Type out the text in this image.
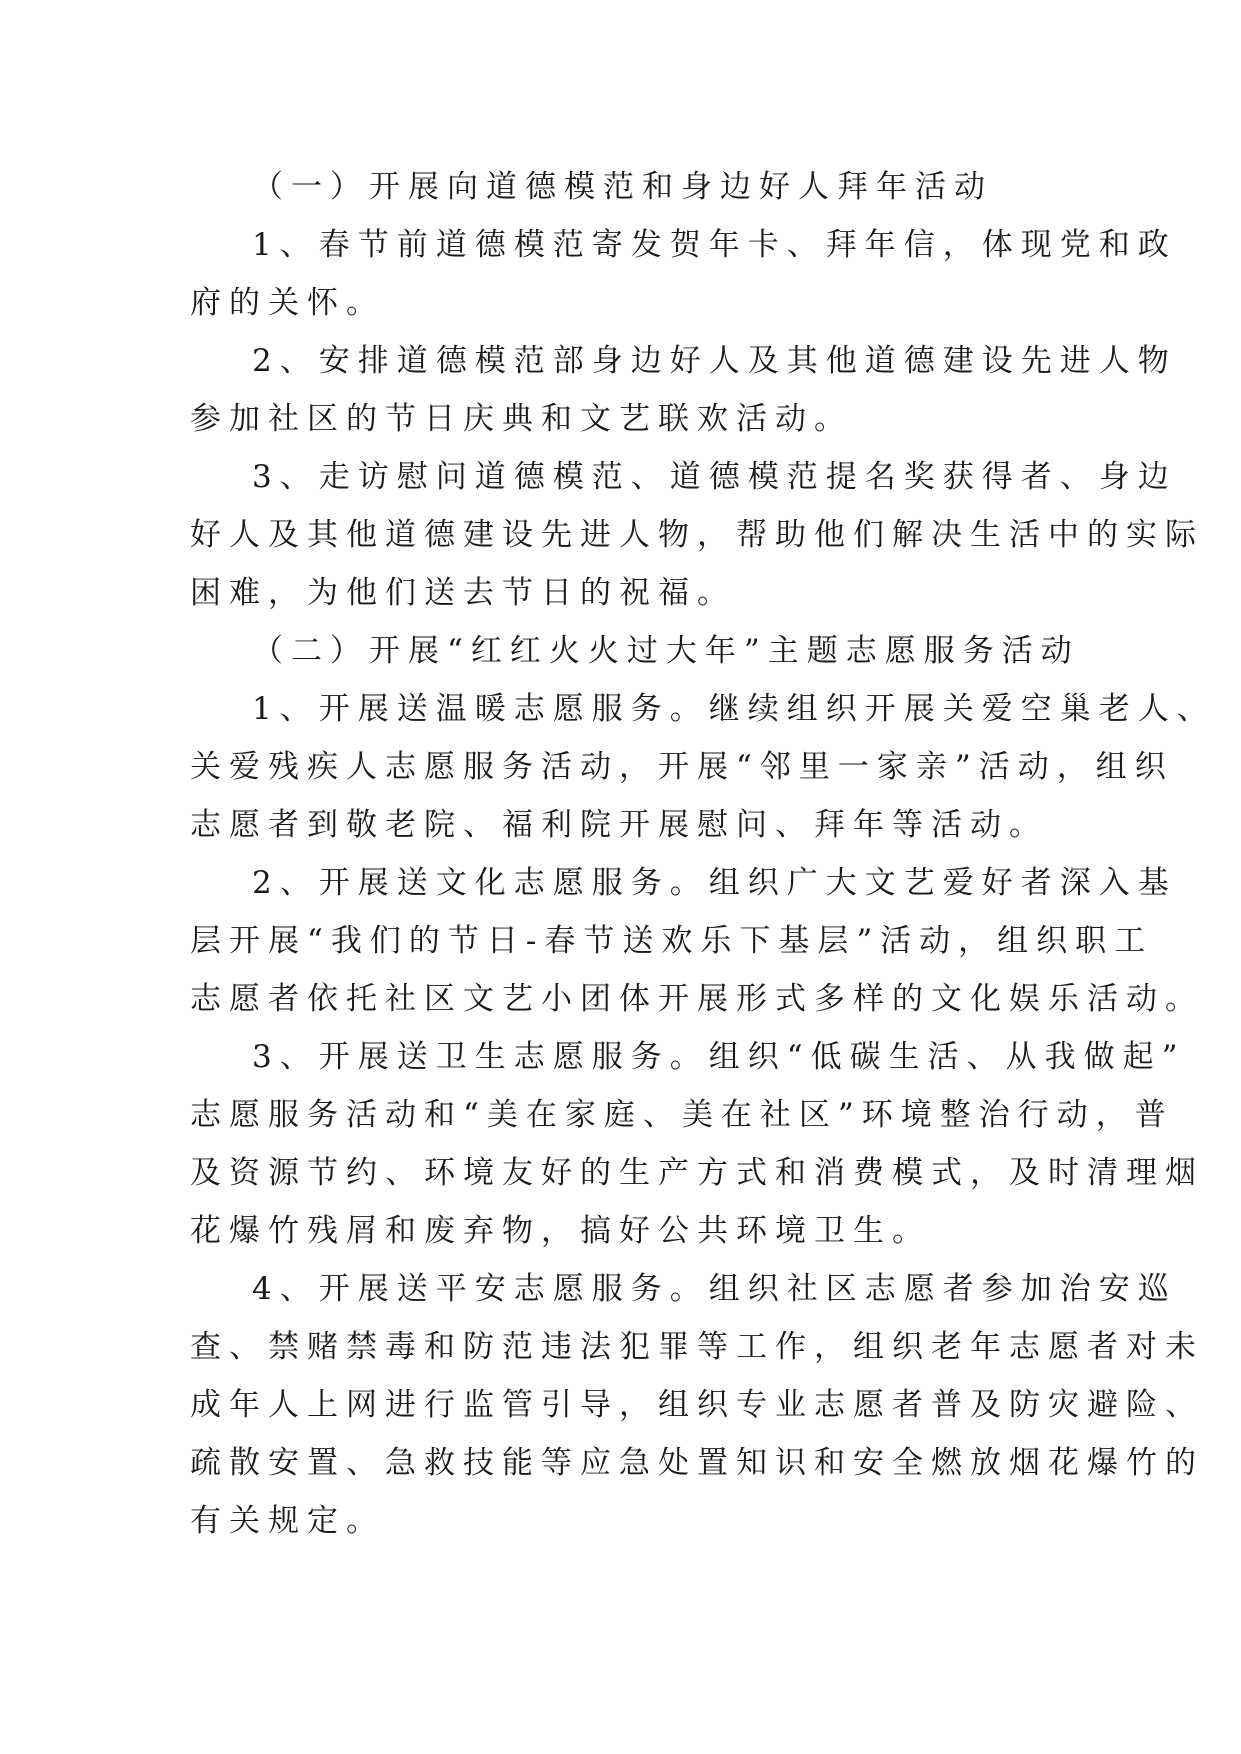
（一）开展向道德模范和身边好人拜年活动
1、春节前道德模范寄发贺年卡、拜年信，体现党和政
府的关怀。
2、安排道德模范部身边好人及其他道德建设先进人物
参加社区的节日庆典和文艺联欢活动。
3、走访慰问道德模范、道德模范提名奖获得者、身边
好人及其他道德建设先进人物，帮助他们解决生活中的实际
困难，为他们送去节日的祝福。
（二）开展“红红火火过大年”主题志愿服务活动
1、开展送温暖志愿服务。继续组织开展关爱空巢老人、
关爱残疾人志愿服务活动，开展“邻里一家亲”活动，组织
志愿者到敬老院、福利院开展慰问、拜年等活动。
2、开展送文化志愿服务。组织广大文艺爱好者深入基
层开展“我们的节日-春节送欢乐下基层”活动，组织职工
志愿者依托社区文艺小团体开展形式多样的文化娱乐活动。
3、开展送卫生志愿服务。组织“低碳生活、从我做起”
志愿服务活动和“美在家庭、美在社区”环境整治行动，普
及资源节约、环境友好的生产方式和消费模式，及时清理烟
花爆竹残屑和废弃物，搞好公共环境卫生。
4、开展送平安志愿服务。组织社区志愿者参加治安巡
查、禁赌禁毒和防范违法犯罪等工作，组织老年志愿者对未
成年人上网进行监管引导，组织专业志愿者普及防灾避险、
疏散安置、急救技能等应急处置知识和安全燃放烟花爆竹的
有关规定。
